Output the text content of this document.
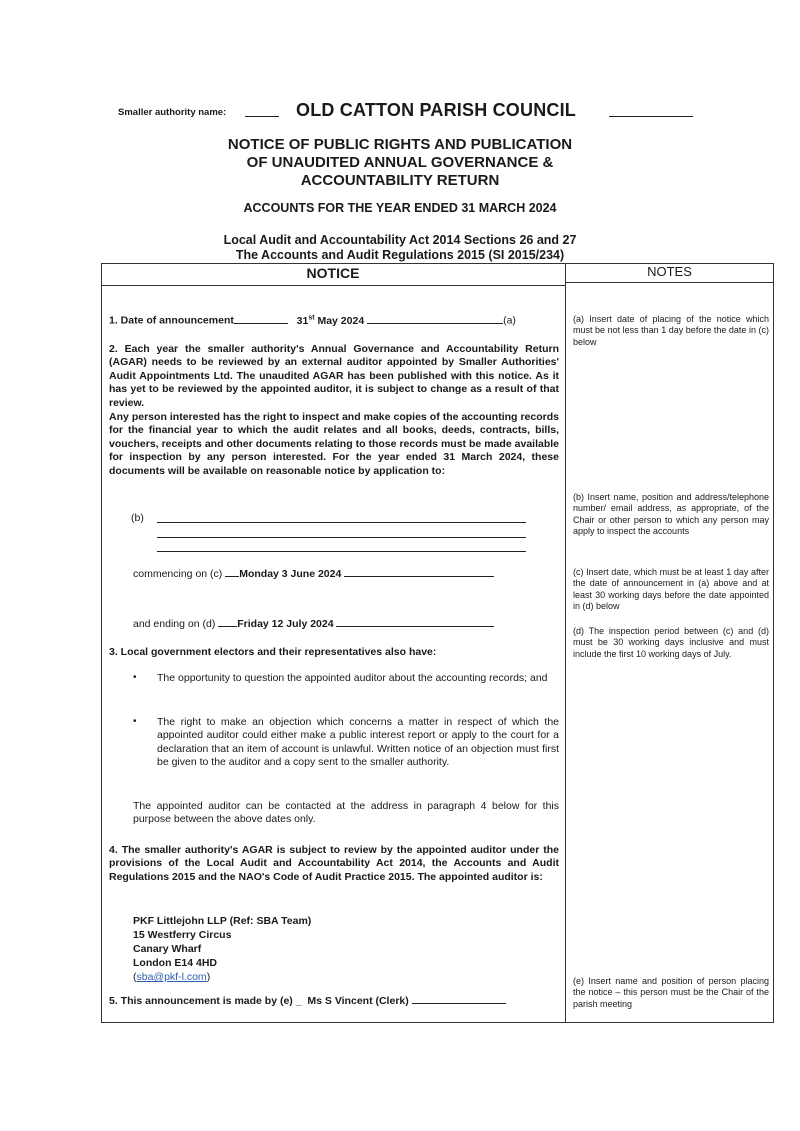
Smaller authority name:	OLD CATTON PARISH COUNCIL
NOTICE OF PUBLIC RIGHTS AND PUBLICATION
OF UNAUDITED ANNUAL GOVERNANCE &
ACCOUNTABILITY RETURN
ACCOUNTS FOR THE YEAR ENDED 31 MARCH 2024
Local Audit and Accountability Act 2014 Sections 26 and 27
The Accounts and Audit Regulations 2015 (SI 2015/234)
NOTICE	NOTES
1. Date of announcement	31st May 2024	(a)
2. Each year the smaller authority's Annual Governance and Accountability Return (AGAR) needs to be reviewed by an external auditor appointed by Smaller Authorities' Audit Appointments Ltd. The unaudited AGAR has been published with this notice. As it has yet to be reviewed by the appointed auditor, it is subject to change as a result of that review.
Any person interested has the right to inspect and make copies of the accounting records for the financial year to which the audit relates and all books, deeds, contracts, bills, vouchers, receipts and other documents relating to those records must be made available for inspection by any person interested. For the year ended 31 March 2024, these documents will be available on reasonable notice by application to:
(b)
commencing on (c) Monday 3 June 2024
and ending on (d) Friday 12 July 2024
3. Local government electors and their representatives also have:
• The opportunity to question the appointed auditor about the accounting records; and
• The right to make an objection which concerns a matter in respect of which the appointed auditor could either make a public interest report or apply to the court for a declaration that an item of account is unlawful. Written notice of an objection must first be given to the auditor and a copy sent to the smaller authority.
The appointed auditor can be contacted at the address in paragraph 4 below for this purpose between the above dates only.
4. The smaller authority's AGAR is subject to review by the appointed auditor under the provisions of the Local Audit and Accountability Act 2014, the Accounts and Audit Regulations 2015 and the NAO's Code of Audit Practice 2015. The appointed auditor is:
PKF Littlejohn LLP (Ref: SBA Team)
15 Westferry Circus
Canary Wharf
London E14 4HD
(sba@pkf-l.com)
5. This announcement is made by (e) _ Ms S Vincent (Clerk)
(a) Insert date of placing of the notice which must be not less than 1 day before the date in (c) below
(b) Insert name, position and address/telephone number/ email address, as appropriate, of the Chair or other person to which any person may apply to inspect the accounts
(c) Insert date, which must be at least 1 day after the date of announcement in (a) above and at least 30 working days before the date appointed in (d) below
(d) The inspection period between (c) and (d) must be 30 working days inclusive and must include the first 10 working days of July.
(e) Insert name and position of person placing the notice – this person must be the Chair of the parish meeting
